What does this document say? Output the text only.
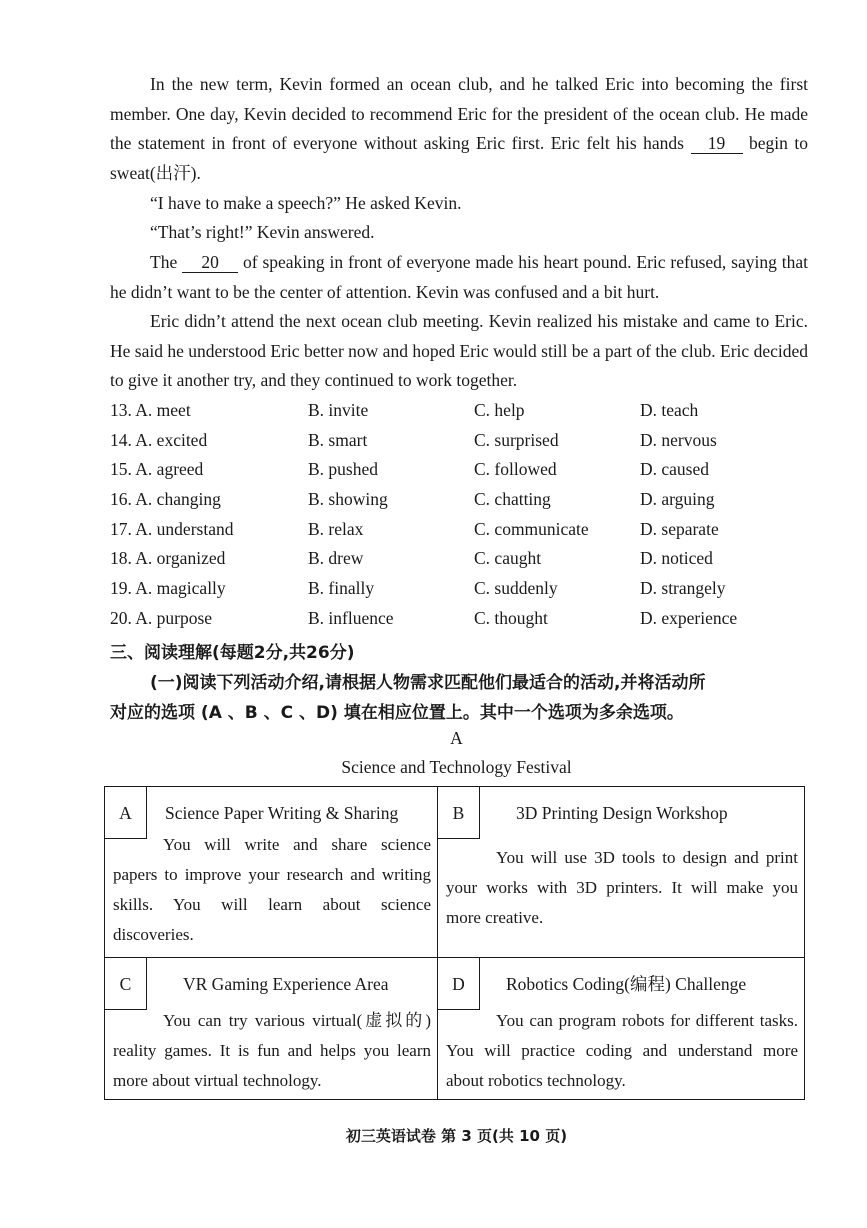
In the new term, Kevin formed an ocean club, and he talked Eric into becoming the first member. One day, Kevin decided to recommend Eric for the president of the ocean club. He made the statement in front of everyone without asking Eric first. Eric felt his hands 19 begin to sweat(出汗).

“I have to make a speech?” He asked Kevin.

“That’s right!” Kevin answered.

The 20 of speaking in front of everyone made his heart pound. Eric refused, saying that he didn’t want to be the center of attention. Kevin was confused and a bit hurt.

Eric didn’t attend the next ocean club meeting. Kevin realized his mistake and came to Eric. He said he understood Eric better now and hoped Eric would still be a part of the club. Eric decided to give it another try, and they continued to work together.

13. A. meet	B. invite	C. help	D. teach
14. A. excited	B. smart	C. surprised	D. nervous
15. A. agreed	B. pushed	C. followed	D. caused
16. A. changing	B. showing	C. chatting	D. arguing
17. A. understand	B. relax	C. communicate	D. separate
18. A. organized	B. drew	C. caught	D. noticed
19. A. magically	B. finally	C. suddenly	D. strangely
20. A. purpose	B. influence	C. thought	D. experience

三、阅读理解(每题2分,共26分)

(一)阅读下列活动介绍,请根据人物需求匹配他们最适合的活动,并将活动所

对应的选项 (A 、B 、C 、D) 填在相应位置上。其中一个选项为多余选项。

A

Science and Technology Festival

A	Science Paper Writing & Sharing
You will write and share science papers to improve your research and writing skills. You will learn about science discoveries.
B	3D Printing Design Workshop
You will use 3D tools to design and print your works with 3D printers. It will make you more creative.
C	VR Gaming Experience Area
You can try various virtual(虚拟的) reality games. It is fun and helps you learn more about virtual technology.
D	Robotics Coding(编程) Challenge
You can program robots for different tasks. You will practice coding and understand more about robotics technology.
初三英语试卷 第 3 页(共 10 页)
